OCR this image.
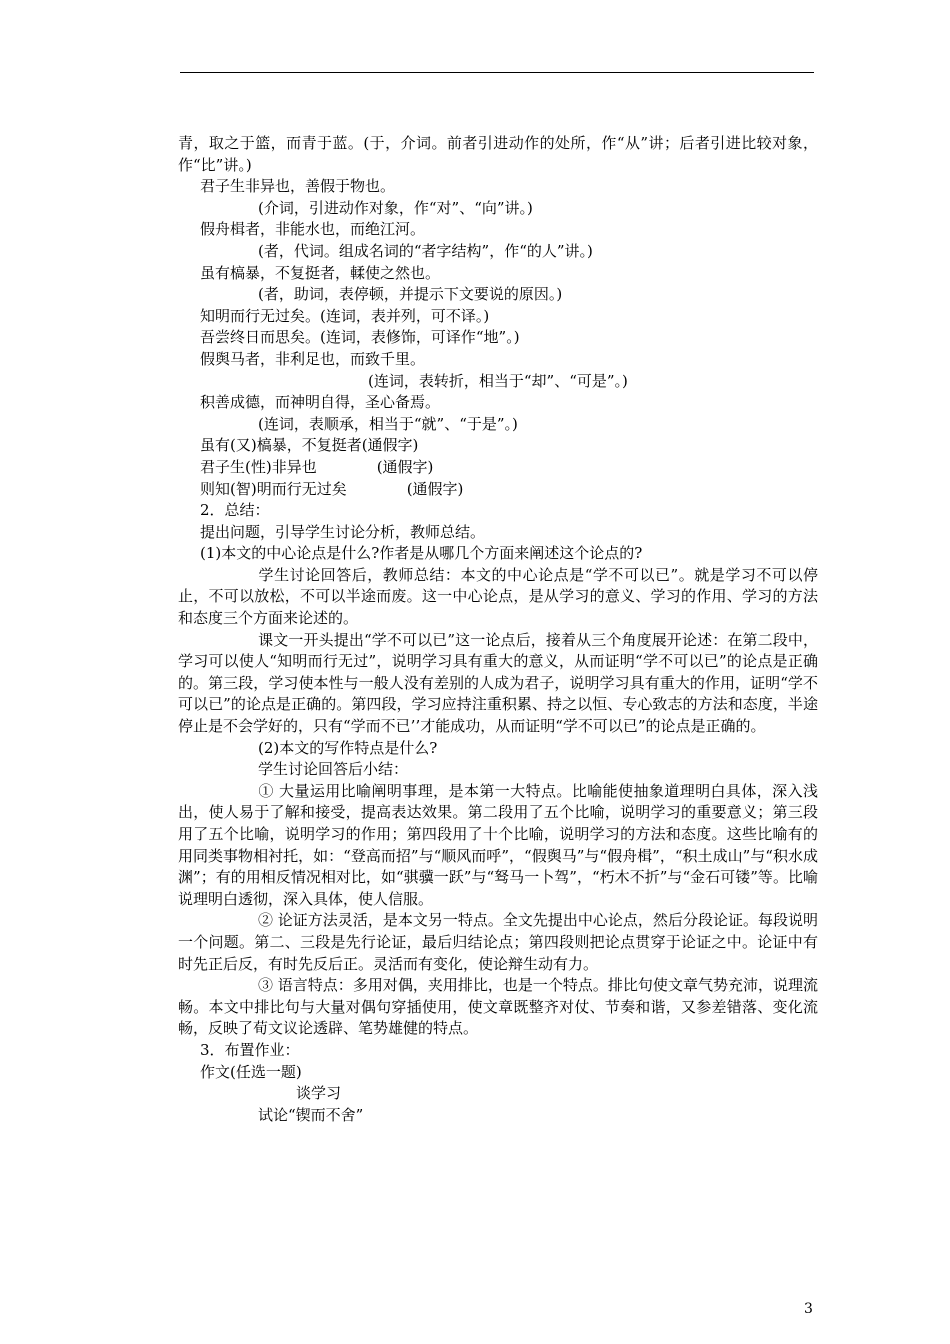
青，取之于篮，而青于蓝。(于，介词。前者引进动作的处所，作“从”讲；后者引进比较对象，作“比”讲。)
君子生非异也，善假于物也。
(介词，引进动作对象，作“对”、“向”讲。)
假舟楫者，非能水也，而绝江河。
(者，代词。组成名词的“者字结构”，作“的人”讲。)
虽有槁暴，不复挺者，輮使之然也。
(者，助词，表停顿，并提示下文要说的原因。)
知明而行无过矣。(连词，表并列，可不译。)
吾尝终日而思矣。(连词，表修饰，可译作“地”。)
假舆马者，非利足也，而致千里。
(连词，表转折，相当于“却”、“可是”。)
积善成德，而神明自得，圣心备焉。
(连词，表顺承，相当于“就”、“于是”。)
虽有(又)槁暴，不复挺者(通假字)
君子生(性)非异也　　　　(通假字)
则知(智)明而行无过矣　　　　(通假字)
2．总结：
提出问题，引导学生讨论分析，教师总结。
(1)本文的中心论点是什么?作者是从哪几个方面来阐述这个论点的?
学生讨论回答后，教师总结：本文的中心论点是“学不可以已”。就是学习不可以停止，不可以放松，不可以半途而废。这一中心论点，是从学习的意义、学习的作用、学习的方法和态度三个方面来论述的。
课文一开头提出“学不可以已”这一论点后，接着从三个角度展开论述：在第二段中，学习可以使人“知明而行无过”，说明学习具有重大的意义，从而证明“学不可以已”的论点是正确的。第三段，学习使本性与一般人没有差别的人成为君子，说明学习具有重大的作用，证明“学不可以已”的论点是正确的。第四段，学习应持注重积累、持之以恒、专心致志的方法和态度，半途停止是不会学好的，只有“学而不已’’才能成功，从而证明“学不可以已”的论点是正确的。
(2)本文的写作特点是什么?
学生讨论回答后小结：
① 大量运用比喻阐明事理，是本第一大特点。比喻能使抽象道理明白具体，深入浅出，使人易于了解和接受，提高表达效果。第二段用了五个比喻，说明学习的重要意义；第三段用了五个比喻，说明学习的作用；第四段用了十个比喻，说明学习的方法和态度。这些比喻有的用同类事物相衬托，如：“登高而招”与“顺风而呼”，“假舆马”与“假舟楫”，“积土成山”与“积水成渊”；有的用相反情况相对比，如“骐骥一跃”与“驽马一卜驾”，“朽木不折”与“金石可镂”等。比喻说理明白透彻，深入具体，使人信服。
② 论证方法灵活，是本文另一特点。全文先提出中心论点，然后分段论证。每段说明一个问题。第二、三段是先行论证，最后归结论点；第四段则把论点贯穿于论证之中。论证中有时先正后反，有时先反后正。灵活而有变化，使论辩生动有力。
③ 语言特点：多用对偶，夹用排比，也是一个特点。排比句使文章气势充沛，说理流畅。本文中排比句与大量对偶句穿插使用，使文章既整齐对仗、节奏和谐，又参差错落、变化流畅，反映了荀文议论透辟、笔势雄健的特点。
3．布置作业：
作文(任选一题)
谈学习
试论“锲而不舍”
3
